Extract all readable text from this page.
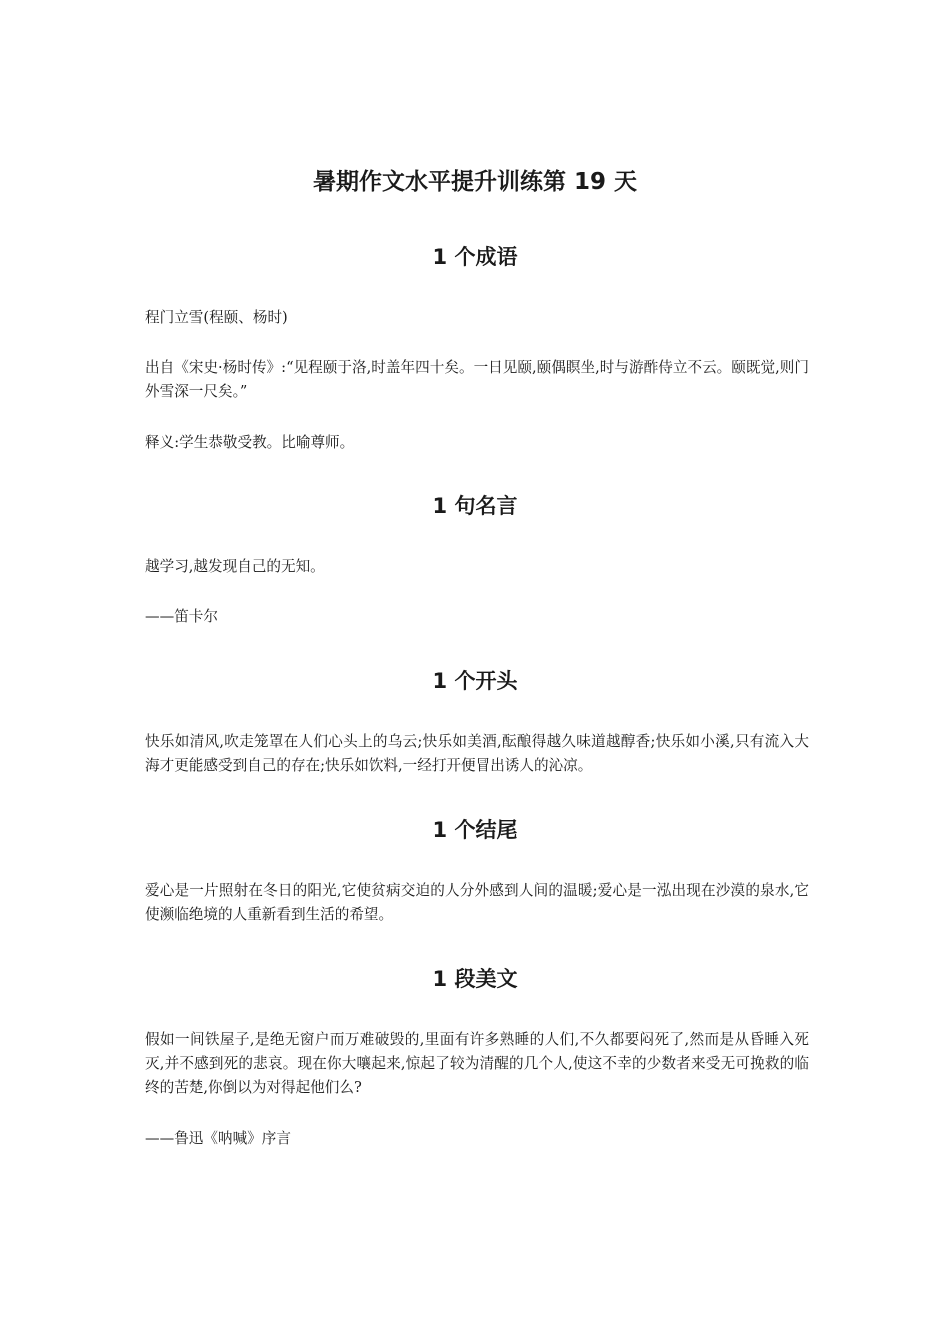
暑期作文水平提升训练第 19 天
1 个成语

程门立雪(程颐、杨时)

出自《宋史·杨时传》:“见程颐于洛,时盖年四十矣。一日见颐,颐偶瞑坐,时与游酢侍立不云。颐既觉,则门外雪深一尺矣。”

释义:学生恭敬受教。比喻尊师。

1 句名言

越学习,越发现自己的无知。

——笛卡尔

1 个开头

快乐如清风,吹走笼罩在人们心头上的乌云;快乐如美酒,酝酿得越久味道越醇香;快乐如小溪,只有流入大海才更能感受到自己的存在;快乐如饮料,一经打开便冒出诱人的沁凉。

1 个结尾

爱心是一片照射在冬日的阳光,它使贫病交迫的人分外感到人间的温暖;爱心是一泓出现在沙漠的泉水,它使濒临绝境的人重新看到生活的希望。

1 段美文

假如一间铁屋子,是绝无窗户而万难破毁的,里面有许多熟睡的人们,不久都要闷死了,然而是从昏睡入死灭,并不感到死的悲哀。现在你大嚷起来,惊起了较为清醒的几个人,使这不幸的少数者来受无可挽救的临终的苦楚,你倒以为对得起他们么?

——鲁迅《呐喊》序言
